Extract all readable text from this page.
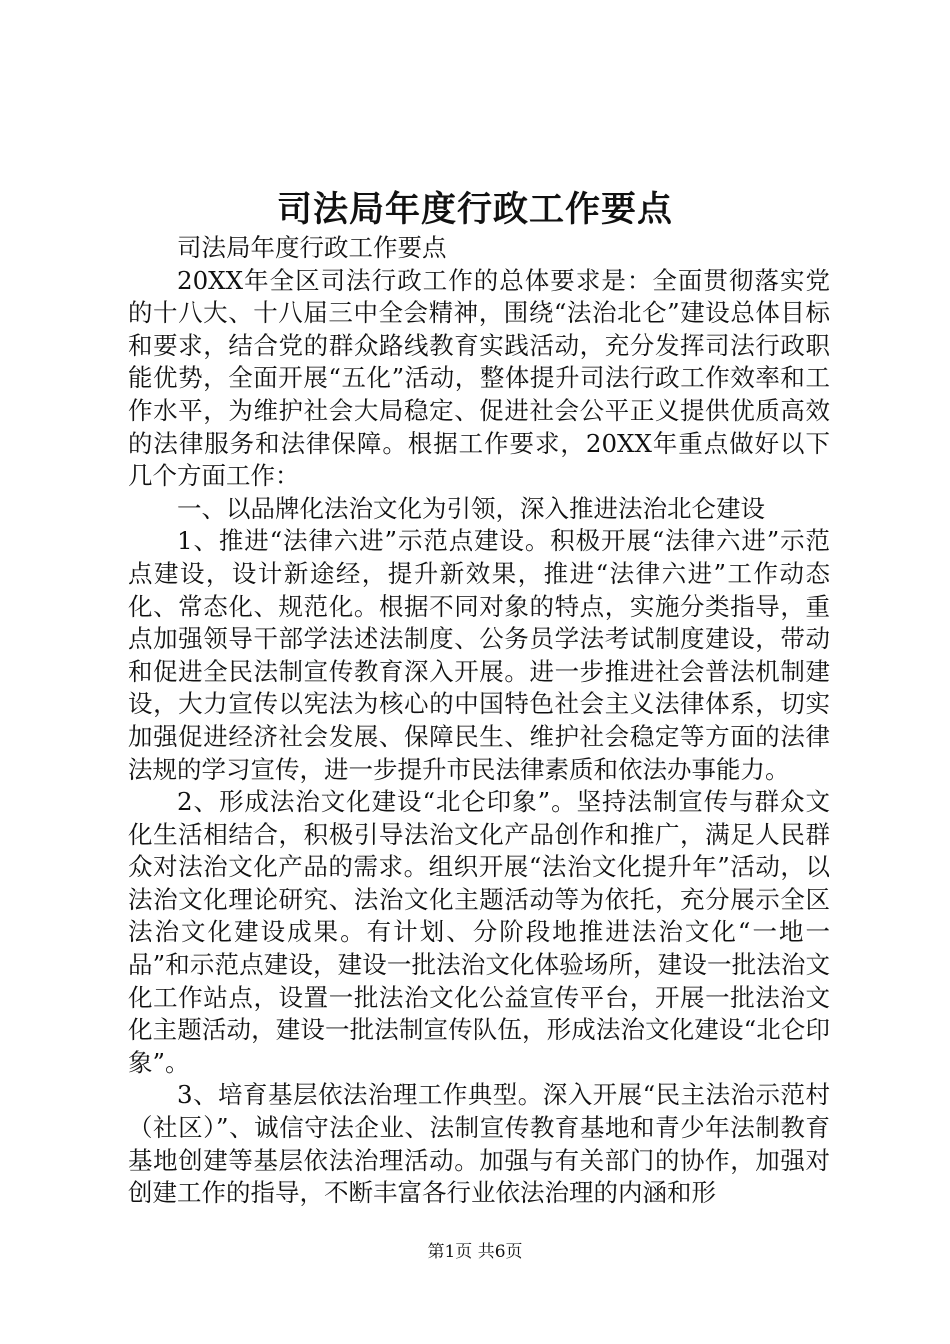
司法局年度行政工作要点

司法局年度行政工作要点

20XX年全区司法行政工作的总体要求是：全面贯彻落实党的十八大、十八届三中全会精神，围绕“法治北仑”建设总体目标和要求，结合党的群众路线教育实践活动，充分发挥司法行政职能优势，全面开展“五化”活动，整体提升司法行政工作效率和工作水平，为维护社会大局稳定、促进社会公平正义提供优质高效的法律服务和法律保障。根据工作要求，20XX年重点做好以下几个方面工作：

一、以品牌化法治文化为引领，深入推进法治北仑建设

1、推进“法律六进”示范点建设。积极开展“法律六进”示范点建设，设计新途经，提升新效果，推进“法律六进”工作动态化、常态化、规范化。根据不同对象的特点，实施分类指导，重点加强领导干部学法述法制度、公务员学法考试制度建设，带动和促进全民法制宣传教育深入开展。进一步推进社会普法机制建设，大力宣传以宪法为核心的中国特色社会主义法律体系，切实加强促进经济社会发展、保障民生、维护社会稳定等方面的法律法规的学习宣传，进一步提升市民法律素质和依法办事能力。

2、形成法治文化建设“北仑印象”。坚持法制宣传与群众文化生活相结合，积极引导法治文化产品创作和推广，满足人民群众对法治文化产品的需求。组织开展“法治文化提升年”活动，以法治文化理论研究、法治文化主题活动等为依托，充分展示全区法治文化建设成果。有计划、分阶段地推进法治文化“一地一品”和示范点建设，建设一批法治文化体验场所，建设一批法治文化工作站点，设置一批法治文化公益宣传平台，开展一批法治文化主题活动，建设一批法制宣传队伍，形成法治文化建设“北仑印象”。

3、培育基层依法治理工作典型。深入开展“民主法治示范村（社区）”、诚信守法企业、法制宣传教育基地和青少年法制教育基地创建等基层依法治理活动。加强与有关部门的协作，加强对创建工作的指导，不断丰富各行业依法治理的内涵和形

第1页 共6页
